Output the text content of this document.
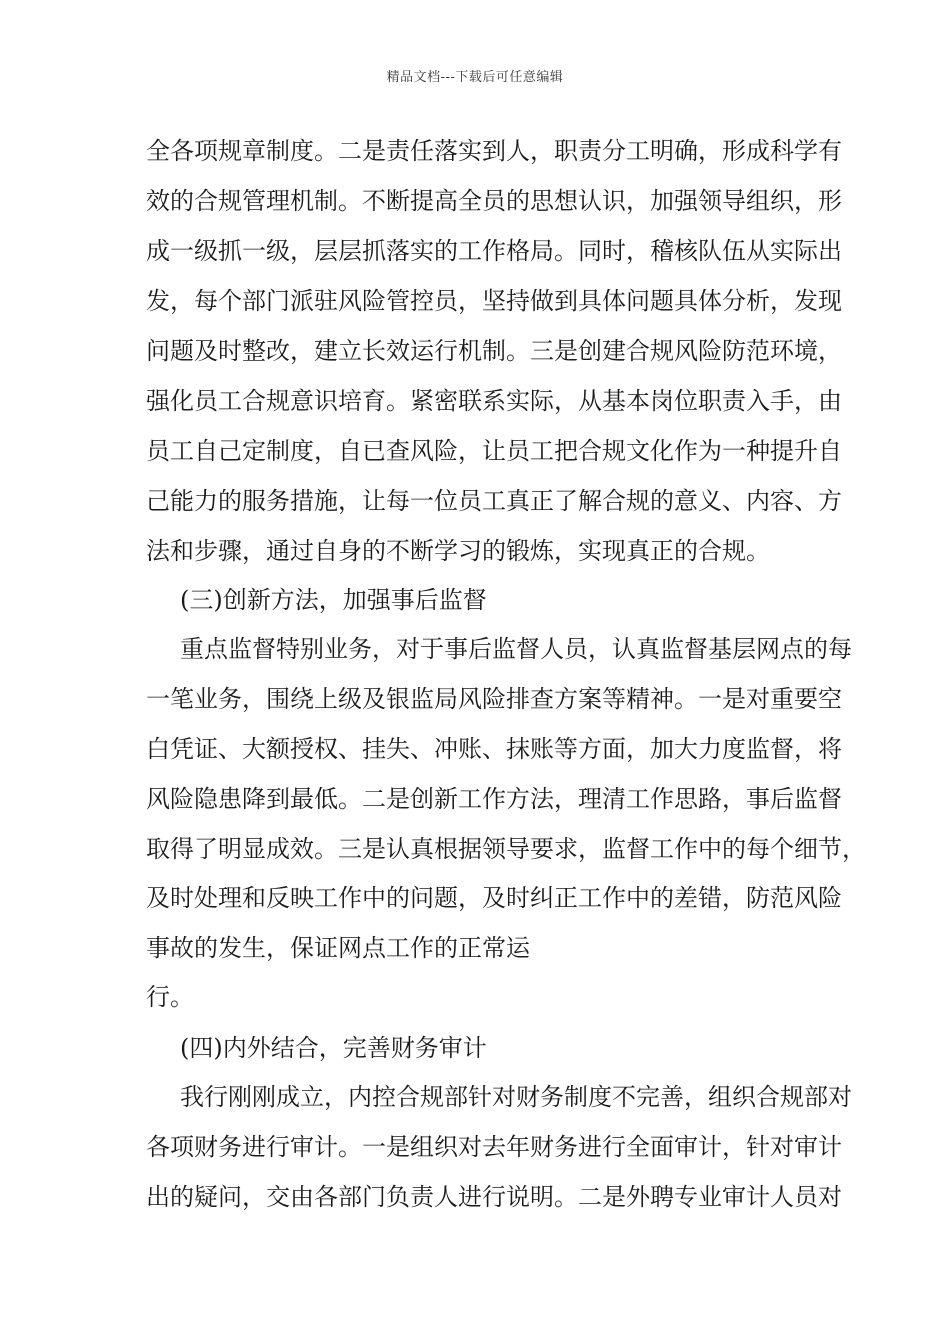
精品文档---下载后可任意编辑
全各项规章制度。二是责任落实到人，职责分工明确，形成科学有
效的合规管理机制。不断提高全员的思想认识，加强领导组织，形
成一级抓一级，层层抓落实的工作格局。同时，稽核队伍从实际出
发，每个部门派驻风险管控员，坚持做到具体问题具体分析，发现
问题及时整改，建立长效运行机制。三是创建合规风险防范环境，
强化员工合规意识培育。紧密联系实际，从基本岗位职责入手，由
员工自己定制度，自已查风险，让员工把合规文化作为一种提升自
己能力的服务措施，让每一位员工真正了解合规的意义、内容、方
法和步骤，通过自身的不断学习的锻炼，实现真正的合规。
(三)创新方法，加强事后监督
重点监督特别业务，对于事后监督人员，认真监督基层网点的每
一笔业务，围绕上级及银监局风险排查方案等精神。一是对重要空
白凭证、大额授权、挂失、冲账、抹账等方面，加大力度监督，将
风险隐患降到最低。二是创新工作方法，理清工作思路，事后监督
取得了明显成效。三是认真根据领导要求，监督工作中的每个细节，
及时处理和反映工作中的问题，及时纠正工作中的差错，防范风险
事故的发生，保证网点工作的正常运
行。
(四)内外结合，完善财务审计
我行刚刚成立，内控合规部针对财务制度不完善，组织合规部对
各项财务进行审计。一是组织对去年财务进行全面审计，针对审计
出的疑问，交由各部门负责人进行说明。二是外聘专业审计人员对
